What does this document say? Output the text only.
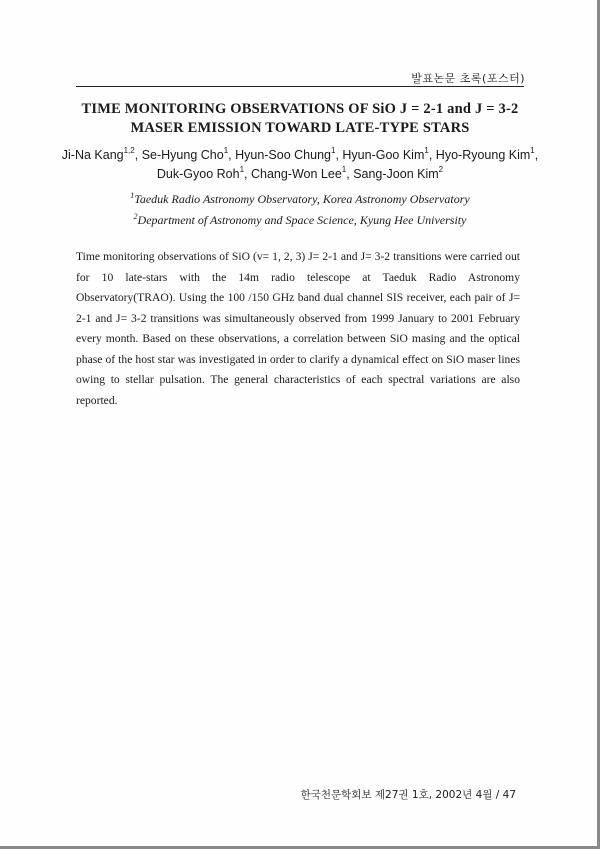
발표논문 초록(포스터)
TIME MONITORING OBSERVATIONS OF SiO J = 2-1 and J = 3-2
MASER EMISSION TOWARD LATE-TYPE STARS
Ji-Na Kang$^{1,2}$, Se-Hyung Cho$^1$, Hyun-Soo Chung$^1$, Hyun-Goo Kim$^1$, Hyo-Ryoung Kim$^1$,
Duk-Gyoo Roh$^1$, Chang-Won Lee$^1$, Sang-Joon Kim$^2$
$^1$Taeduk Radio Astronomy Observatory, Korea Astronomy Observatory
$^2$Department of Astronomy and Space Science, Kyung Hee University

Time monitoring observations of SiO (v= 1, 2, 3) J= 2-1 and J= 3-2 transitions were carried out for 10 late-stars with the 14m radio telescope at Taeduk Radio Astronomy Observatory(TRAO). Using the 100 /150 GHz band dual channel SIS receiver, each pair of J= 2-1 and J= 3-2 transitions was simultaneously observed from 1999 January to 2001 February every month. Based on these observations, a correlation between SiO masing and the optical phase of the host star was investigated in order to clarify a dynamical effect on SiO maser lines owing to stellar pulsation. The general characteristics of each spectral variations are also reported.

한국천문학회보 제27권 1호, 2002년 4월 / 47
